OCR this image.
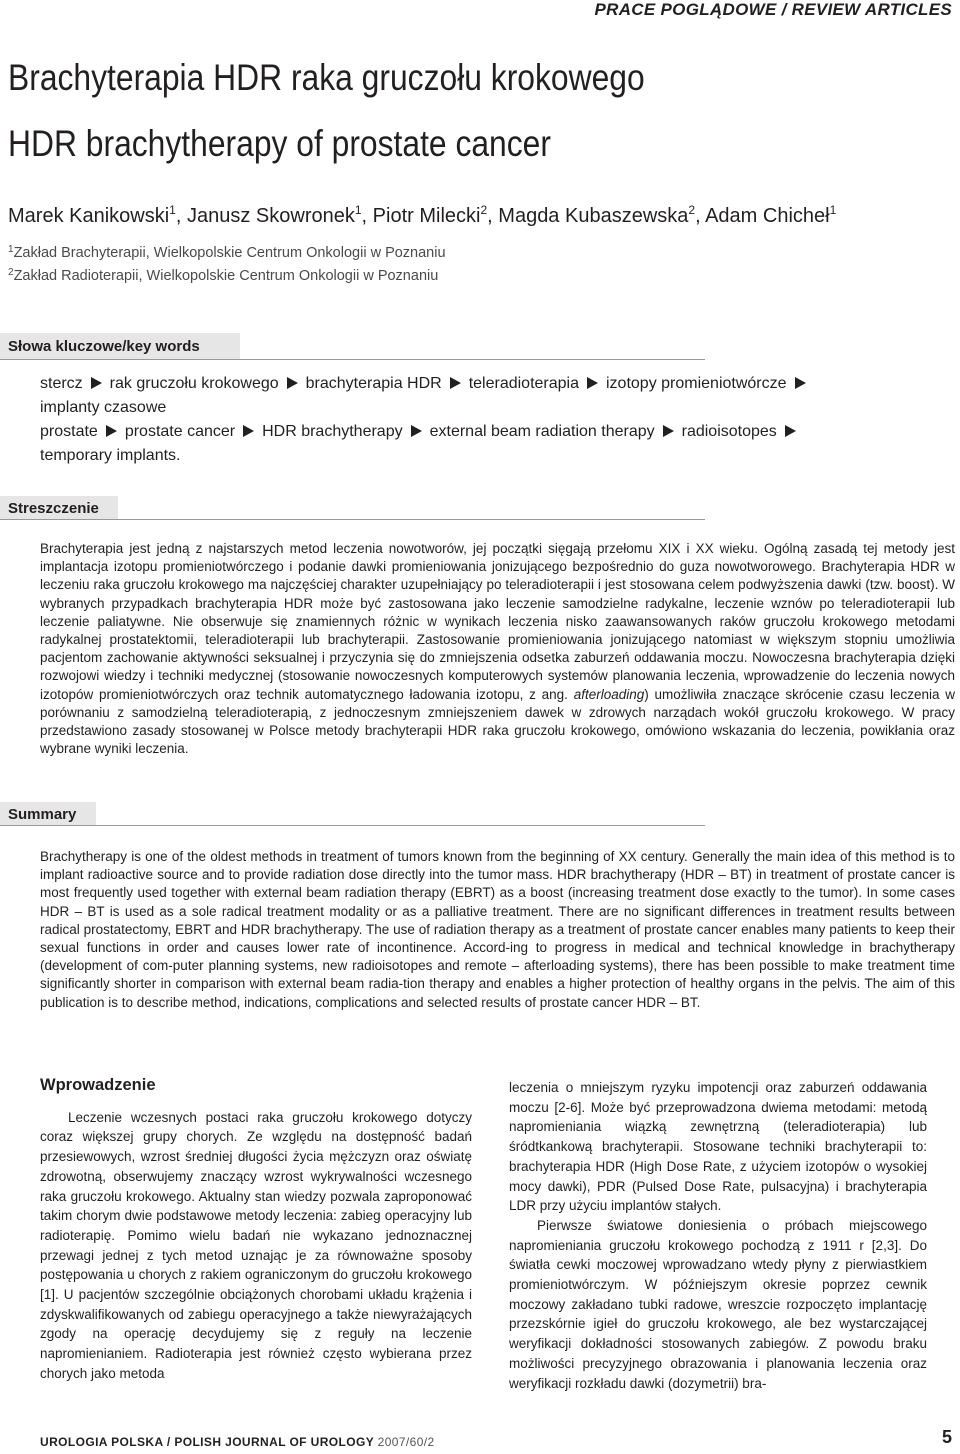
PRACE POGLĄDOWE / REVIEW ARTICLES
Brachyterapia HDR raka gruczołu krokowego
HDR brachytherapy of prostate cancer
Marek Kanikowski$^1$, Janusz Skowronek$^1$, Piotr Milecki$^2$, Magda Kubaszewska$^2$, Adam Chicheł$^1$
$^1$Zakład Brachyterapii, Wielkopolskie Centrum Onkologii w Poznaniu
$^2$Zakład Radioterapii, Wielkopolskie Centrum Onkologii w Poznaniu
Słowa kluczowe/key words
stercz rak gruczołu krokowego brachyterapia HDR teleradioterapia izotopy promieniotwórcze
implanty czasowe
prostate prostate cancer HDR brachytherapy external beam radiation therapy radioisotopes
temporary implants.
Streszczenie
Brachyterapia jest jedną z najstarszych metod leczenia nowotworów, jej początki sięgają przełomu XIX i XX wieku. Ogólną zasadą tej metody jest implantacja izotopu promieniotwórczego i podanie dawki promieniowania jonizującego bezpośrednio do guza nowotworowego. Brachyterapia HDR w leczeniu raka gruczołu krokowego ma najczęściej charakter uzupełniający po teleradioterapii i jest stosowana celem podwyższenia dawki (tzw. boost). W wybranych przypadkach brachyterapia HDR może być zastosowana jako leczenie samodzielne radykalne, leczenie wznów po teleradioterapii lub leczenie paliatywne. Nie obserwuje się znamiennych różnic w wynikach leczenia nisko zaawansowanych raków gruczołu krokowego metodami radykalnej prostatektomii, teleradioterapii lub brachyterapii. Zastosowanie promieniowania jonizującego natomiast w większym stopniu umożliwia pacjentom zachowanie aktywności seksualnej i przyczynia się do zmniejszenia odsetka zaburzeń oddawania moczu. Nowoczesna brachyterapia dzięki rozwojowi wiedzy i techniki medycznej (stosowanie nowoczesnych komputerowych systemów planowania leczenia, wprowadzenie do leczenia nowych izotopów promieniotwórczych oraz technik automatycznego ładowania izotopu, z ang. afterloading) umożliwiła znaczące skrócenie czasu leczenia w porównaniu z samodzielną teleradioterapią, z jednoczesnym zmniejszeniem dawek w zdrowych narządach wokół gruczołu krokowego. W pracy przedstawiono zasady stosowanej w Polsce metody brachyterapii HDR raka gruczołu krokowego, omówiono wskazania do leczenia, powikłania oraz wybrane wyniki leczenia.
Summary
Brachytherapy is one of the oldest methods in treatment of tumors known from the beginning of XX century. Generally the main idea of this method is to implant radioactive source and to provide radiation dose directly into the tumor mass. HDR brachytherapy (HDR – BT) in treatment of prostate cancer is most frequently used together with external beam radiation therapy (EBRT) as a boost (increasing treatment dose exactly to the tumor). In some cases HDR – BT is used as a sole radical treatment modality or as a palliative treatment. There are no significant differences in treatment results between radical prostatectomy, EBRT and HDR brachytherapy. The use of radiation therapy as a treatment of prostate cancer enables many patients to keep their sexual functions in order and causes lower rate of incontinence. Accord-ing to progress in medical and technical knowledge in brachytherapy (development of com-puter planning systems, new radioisotopes and remote – afterloading systems), there has been possible to make treatment time significantly shorter in comparison with external beam radia-tion therapy and enables a higher protection of healthy organs in the pelvis. The aim of this publication is to describe method, indications, complications and selected results of prostate cancer HDR – BT.
Wprowadzenie

Leczenie wczesnych postaci raka gruczołu krokowego dotyczy coraz większej grupy chorych. Ze względu na dostępność badań przesiewowych, wzrost średniej długości życia mężczyzn oraz oświatę zdrowotną, obserwujemy znaczący wzrost wykrywalności wczesnego raka gruczołu krokowego. Aktualny stan wiedzy pozwala zaproponować takim chorym dwie podstawowe metody leczenia: zabieg operacyjny lub radioterapię. Pomimo wielu badań nie wykazano jednoznacznej przewagi jednej z tych metod uznając je za równoważne sposoby postępowania u chorych z rakiem ograniczonym do gruczołu krokowego [1]. U pacjentów szczególnie obciążonych chorobami układu krążenia i zdyskwalifikowanych od zabiegu operacyjnego a także niewyrażających zgody na operację decydujemy się z reguły na leczenie napromienianiem. Radioterapia jest również często wybierana przez chorych jako metoda

leczenia o mniejszym ryzyku impotencji oraz zaburzeń oddawania moczu [2-6]. Może być przeprowadzona dwiema metodami: metodą napromieniania wiązką zewnętrzną (teleradioterapia) lub śródtkankową brachyterapii. Stosowane techniki brachyterapii to: brachyterapia HDR (High Dose Rate, z użyciem izotopów o wysokiej mocy dawki), PDR (Pulsed Dose Rate, pulsacyjna) i brachyterapia LDR przy użyciu implantów stałych.

Pierwsze światowe doniesienia o próbach miejscowego napromieniania gruczołu krokowego pochodzą z 1911 r [2,3]. Do światła cewki moczowej wprowadzano wtedy płyny z pierwiastkiem promieniotwórczym. W późniejszym okresie poprzez cewnik moczowy zakładano tubki radowe, wreszcie rozpoczęto implantację przezskórnie igieł do gruczołu krokowego, ale bez wystarczającej weryfikacji dokładności stosowanych zabiegów. Z powodu braku możliwości precyzyjnego obrazowania i planowania leczenia oraz weryfikacji rozkładu dawki (dozymetrii) bra-

UROLOGIA POLSKA / POLISH JOURNAL OF UROLOGY 2007/60/2	5
